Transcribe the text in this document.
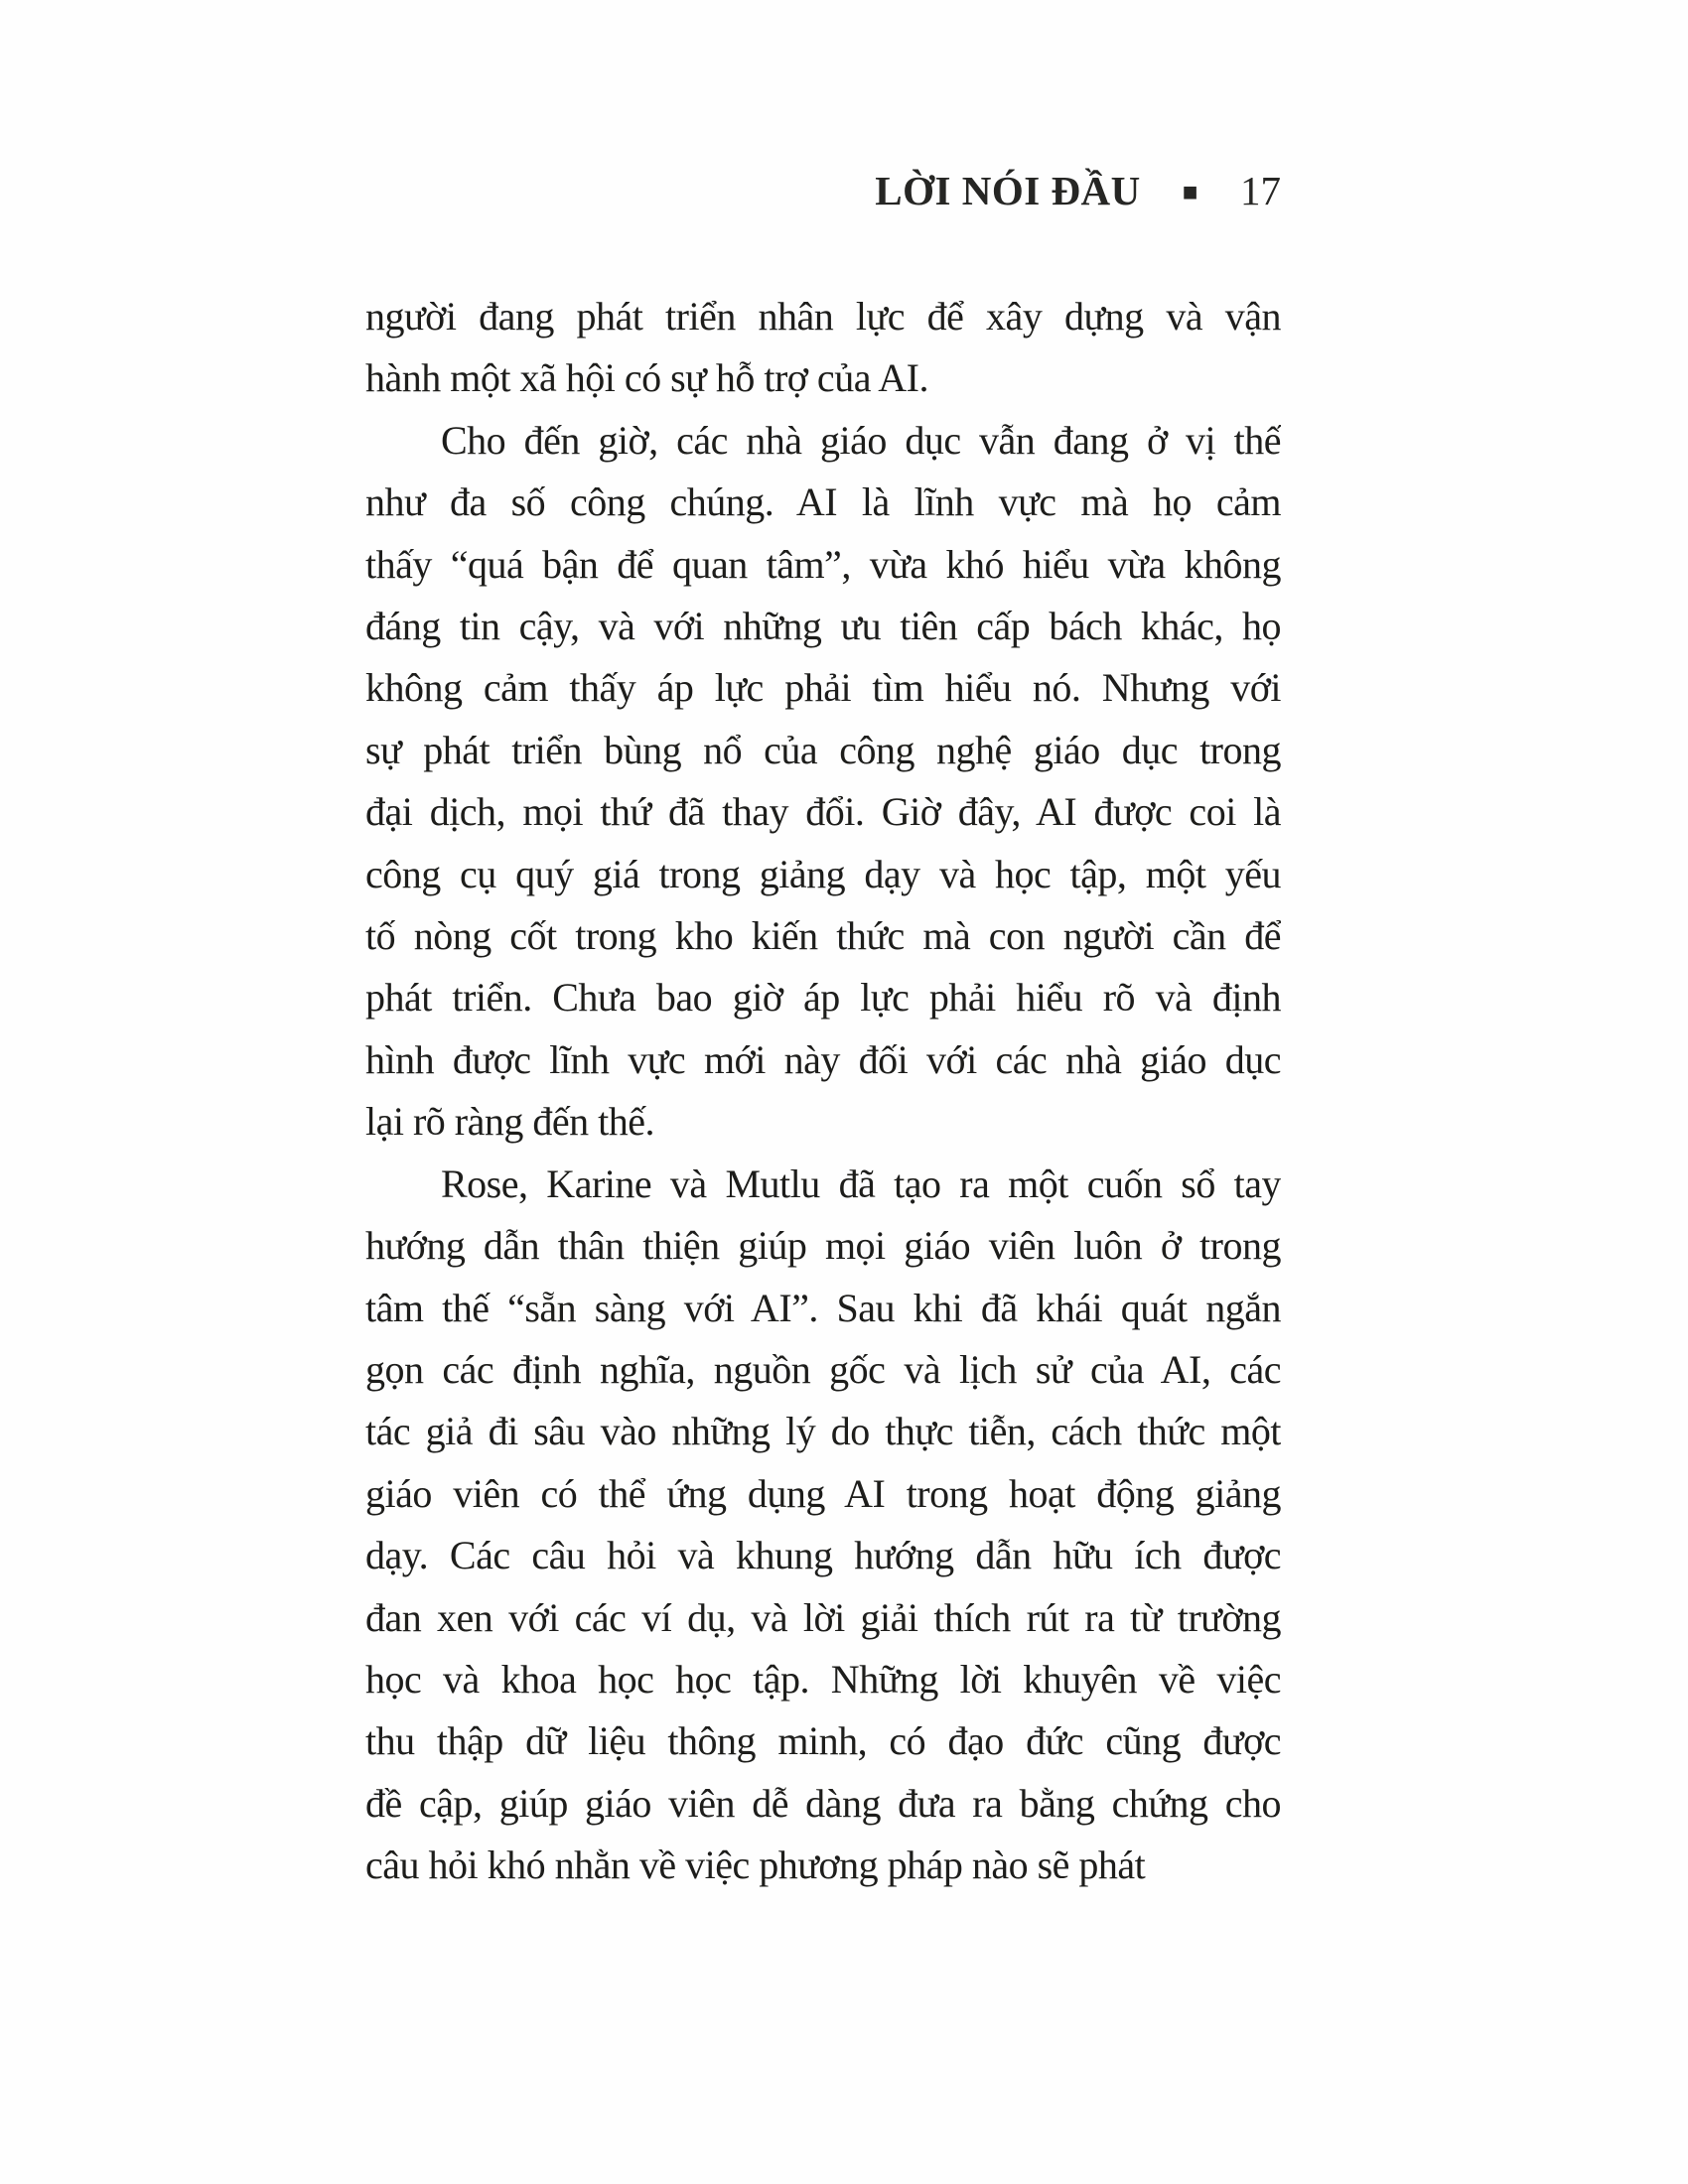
LỜI NÓI ĐẦU ■ 17
người đang phát triển nhân lực để xây dựng và vận
hành một xã hội có sự hỗ trợ của AI.
Cho đến giờ, các nhà giáo dục vẫn đang ở vị thế
như đa số công chúng. AI là lĩnh vực mà họ cảm
thấy “quá bận để quan tâm”, vừa khó hiểu vừa không
đáng tin cậy, và với những ưu tiên cấp bách khác, họ
không cảm thấy áp lực phải tìm hiểu nó. Nhưng với
sự phát triển bùng nổ của công nghệ giáo dục trong
đại dịch, mọi thứ đã thay đổi. Giờ đây, AI được coi là
công cụ quý giá trong giảng dạy và học tập, một yếu
tố nòng cốt trong kho kiến thức mà con người cần để
phát triển. Chưa bao giờ áp lực phải hiểu rõ và định
hình được lĩnh vực mới này đối với các nhà giáo dục
lại rõ ràng đến thế.
Rose, Karine và Mutlu đã tạo ra một cuốn sổ tay
hướng dẫn thân thiện giúp mọi giáo viên luôn ở trong
tâm thế “sẵn sàng với AI”. Sau khi đã khái quát ngắn
gọn các định nghĩa, nguồn gốc và lịch sử của AI, các
tác giả đi sâu vào những lý do thực tiễn, cách thức một
giáo viên có thể ứng dụng AI trong hoạt động giảng
dạy. Các câu hỏi và khung hướng dẫn hữu ích được
đan xen với các ví dụ, và lời giải thích rút ra từ trường
học và khoa học học tập. Những lời khuyên về việc
thu thập dữ liệu thông minh, có đạo đức cũng được
đề cập, giúp giáo viên dễ dàng đưa ra bằng chứng cho
câu hỏi khó nhằn về việc phương pháp nào sẽ phát
